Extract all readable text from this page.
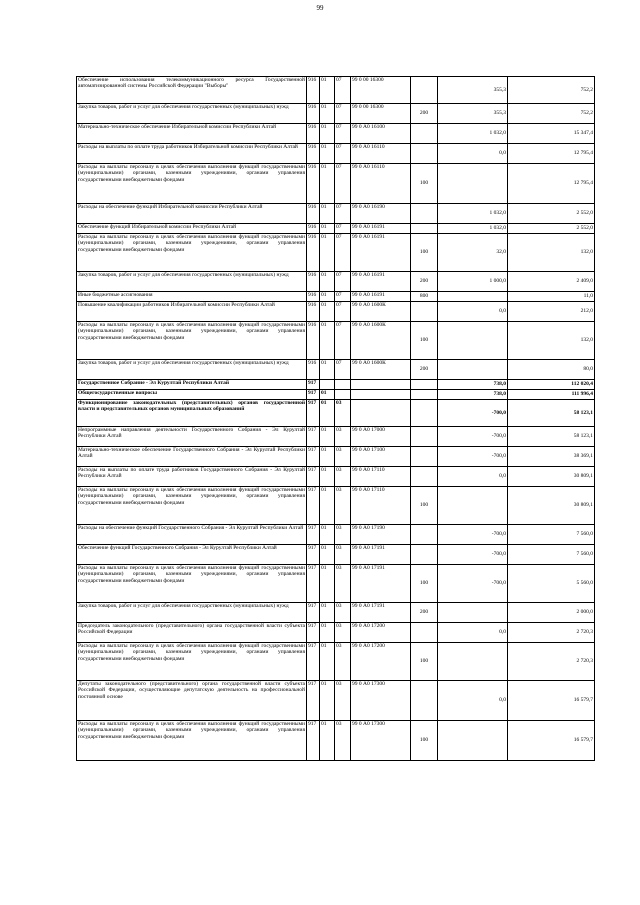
99
Обеспечение использования телекоммуникационного ресурса Государственной автоматизированной системы Российской Федерации "Выборы"	916	01	07	99 0 00 16300		355,3	752,2
Закупка товаров, работ и услуг для обеспечения государственных (муниципальных) нужд	916	01	07	99 0 00 16300	200	355,3	752,2
Материально-техническое обеспечение Избирательной комиссии Республики Алтай	916	01	07	99 0 А0 16100		1 032,0	15 347,4
Расходы на выплаты по оплате труда работников Избирательной комиссии Республики Алтай	916	01	07	99 0 А0 16110		0,0	12 795,4
Расходы на выплаты персоналу в целях обеспечения выполнения функций государственными (муниципальными) органами, казенными учреждениями, органами управления государственными внебюджетными фондами	916	01	07	99 0 А0 16110	100		12 795,4
Расходы на обеспечение функций Избирательной комиссии Республики Алтай	916	01	07	99 0 А0 16190		1 032,0	2 552,0
Обеспечение функций Избирательной комиссии Республики Алтай	916	01	07	99 0 А0 16191		1 032,0	2 552,0
Расходы на выплаты персоналу в целях обеспечения выполнения функций государственными (муниципальными) органами, казенными учреждениями, органами управления государственными внебюджетными фондами	916	01	07	99 0 А0 16191	100	32,0	132,0
Закупка товаров, работ и услуг для обеспечения государственных (муниципальных) нужд	916	01	07	99 0 А0 16191	200	1 000,0	2 409,0
Иные бюджетные ассигнования	916	01	07	99 0 А0 16191	800		11,0
Повышение квалификации работников Избирательной комиссии Республики Алтай	916	01	07	99 0 А0 1600К		0,0	212,0
Расходы на выплаты персоналу в целях обеспечения выполнения функций государственными (муниципальными) органами, казенными учреждениями, органами управления государственными внебюджетными фондами	916	01	07	99 0 А0 1600К	100		132,0
Закупка товаров, работ и услуг для обеспечения государственных (муниципальных) нужд	916	01	07	99 0 А0 1600К	200		80,0
Государственное Собрание - Эл Курултай Республики Алтай	917					738,0	112 020,4
Общегосударственные вопросы	917	01				738,0	111 996,4
Функционирование законодательных (представительных) органов государственной власти и представительных органов муниципальных образований	917	01	03			-700,0	58 123,1
Непрограммные направления деятельности Государственного Собрания - Эл Курултай Республики Алтай	917	01	03	99 0 А0 17000		-700,0	58 123,1
Материально-техническое обеспечение Государственного Собрания - Эл Курултай Республики Алтай	917	01	03	99 0 А0 17100		-700,0	38 369,1
Расходы на выплаты по оплате труда работников Государственного Собрания - Эл Курултай Республики Алтай	917	01	03	99 0 А0 17110		0,0	30 809,1
Расходы на выплаты персоналу в целях обеспечения выполнения функций государственными (муниципальными) органами, казенными учреждениями, органами управления государственными внебюджетными фондами	917	01	03	99 0 А0 17110	100		30 809,1
Расходы на обеспечение функций Государственного Собрания - Эл Курултай Республики Алтай	917	01	03	99 0 А0 17190		-700,0	7 560,0
Обеспечение функций Государственного Собрания - Эл Курултай Республики Алтай	917	01	03	99 0 А0 17191		-700,0	7 560,0
Расходы на выплаты персоналу в целях обеспечения выполнения функций государственными (муниципальными) органами, казенными учреждениями, органами управления государственными внебюджетными фондами	917	01	03	99 0 А0 17191	100	-700,0	5 560,0
Закупка товаров, работ и услуг для обеспечения государственных (муниципальных) нужд	917	01	03	99 0 А0 17191	200		2 000,0
Председатель законодательного (представительного) органа государственной власти субъекта Российской Федерации	917	01	03	99 0 А0 17200		0,0	2 720,3
Расходы на выплаты персоналу в целях обеспечения выполнения функций государственными (муниципальными) органами, казенными учреждениями, органами управления государственными внебюджетными фондами	917	01	03	99 0 А0 17200	100		2 720,3
Депутаты законодательного (представительного) органа государственной власти субъекта Российской Федерации, осуществляющие депутатскую деятельность на профессиональной постоянной основе	917	01	03	99 0 А0 17300		0,0	16 579,7
Расходы на выплаты персоналу в целях обеспечения выполнения функций государственными (муниципальными) органами, казенными учреждениями, органами управления государственными внебюджетными фондами	917	01	03	99 0 А0 17300	100		16 579,7
